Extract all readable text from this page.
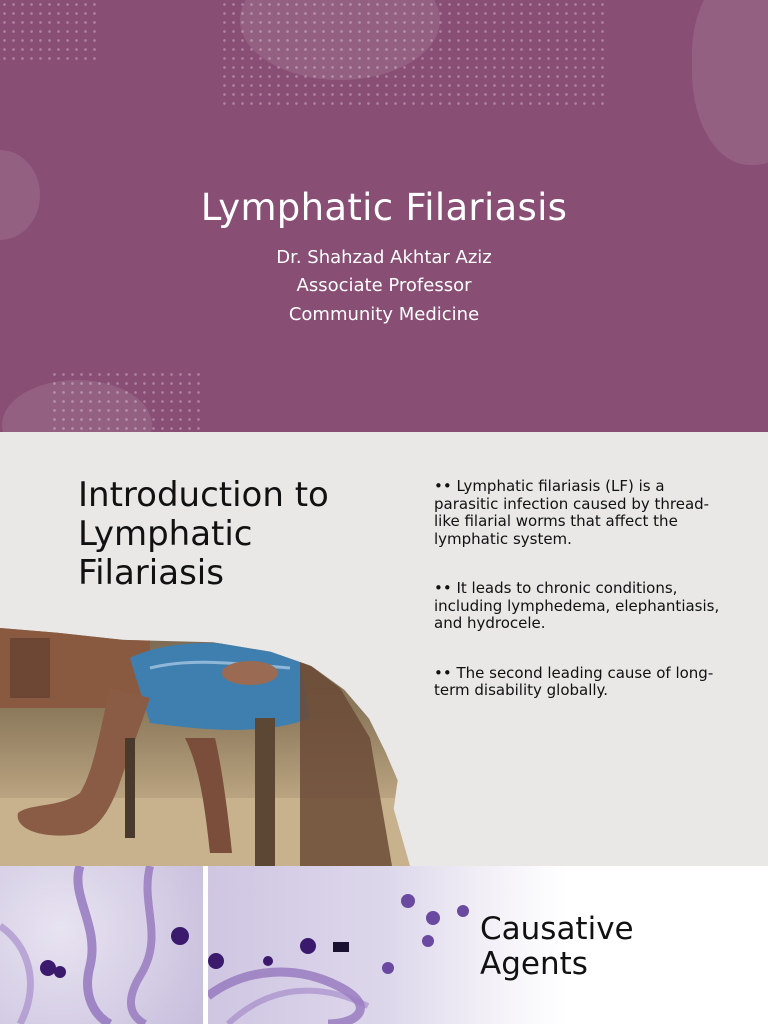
Lymphatic Filariasis

Dr. Shahzad Akhtar Aziz

Associate Professor

Community Medicine

Introduction to Lymphatic Filariasis

•• Lymphatic filariasis (LF) is a parasitic infection caused by thread-like filarial worms that affect the lymphatic system.

•• It leads to chronic conditions, including lymphedema, elephantiasis, and hydrocele.

•• The second leading cause of long-term disability globally.

Causative Agents
